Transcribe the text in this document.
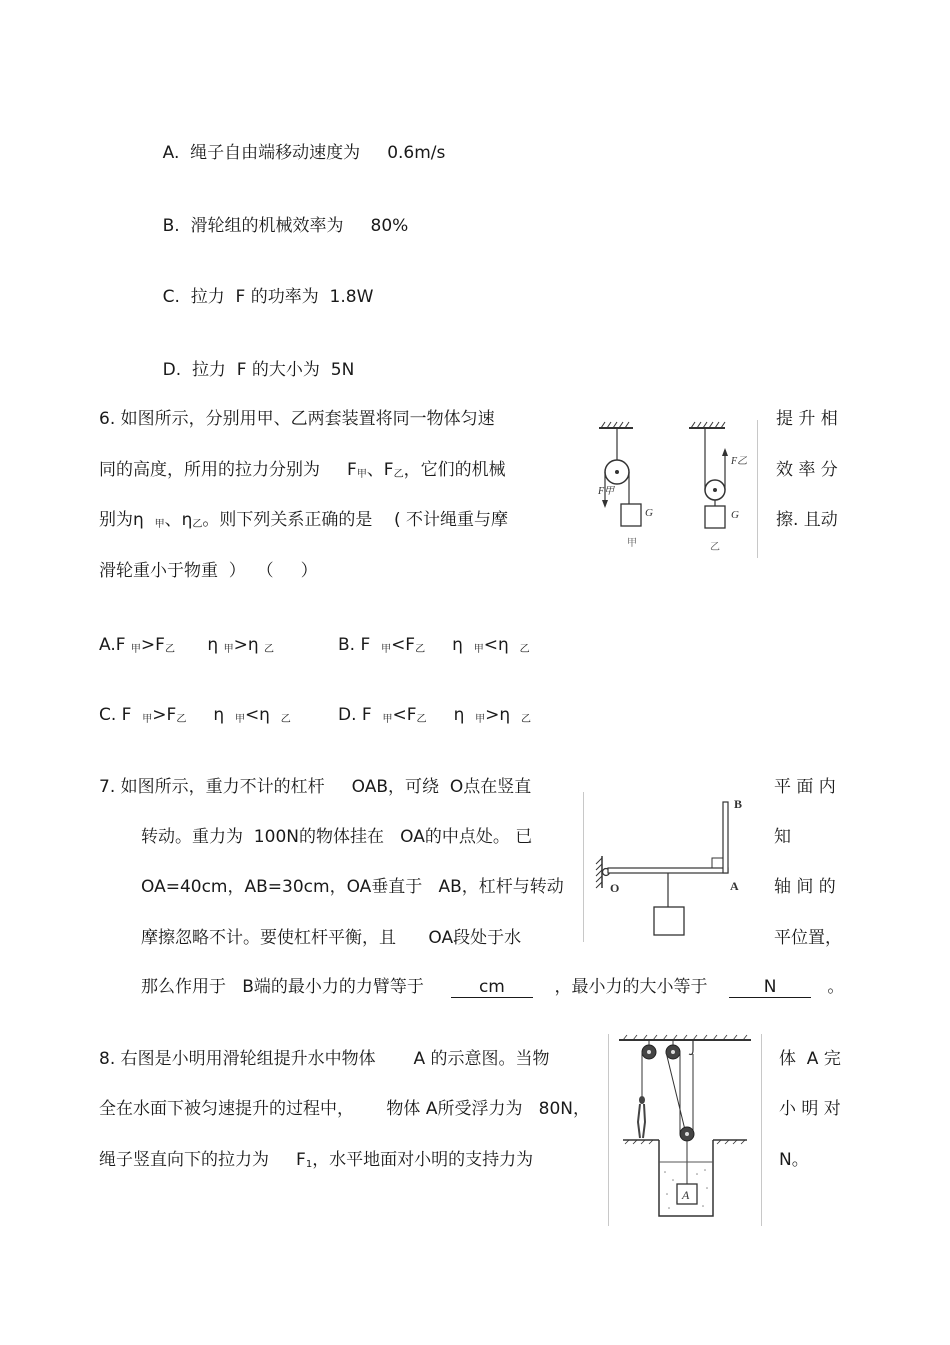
A. 绳子自由端移动速度为 0.6m/s

B. 滑轮组的机械效率为 80%

C. 拉力  F 的功率为 1.8W

D. 拉力  F 的大小为 5N

6. 如图所示，分别用甲、乙两套装置将同一物体匀速	提 升 相
同的高度，所用的拉力分别为 $F_甲$、$F_乙$，它们的机械	效 率 分
别为η $_甲$、$\eta_乙$。则下列关系正确的是    ( 不计绳重与摩	擦. 且动
滑轮重小于物重  ）  （     ）
F甲
G
甲
F乙
G
乙
A.F $_甲>F_乙$ η $_甲$>η $_乙$	B. F $_甲<F_乙$ η $_甲$<η $_乙$
C. F $_甲>F_乙$ η $_甲$<η $_乙$	D. F $_甲<F_乙$ η $_甲$>η $_乙$
7. 如图所示，重力不计的杠杆     OAB，可绕  O点在竖直	平 面 内
转动。重力为  100N的物体挂在   OA的中点处。 已	知
OA=40cm，AB=30cm，OA垂直于   AB，杠杆与转动	轴 间 的
摩擦忽略不计。要使杠杆平衡，且      OA段处于水	平位置，
那么作用于   B端的最小力的力臂等于	cm	，最小力的大小等于	N	。
B
O	A
8. 右图是小明用滑轮组提升水中物体       A 的示意图。当物	体  A 完
全在水面下被匀速提升的过程中，      物体 A所受浮力为   80N，	小 明 对
绳子竖直向下的拉力为 $F_1$，水平地面对小明的支持力为	N。
A
